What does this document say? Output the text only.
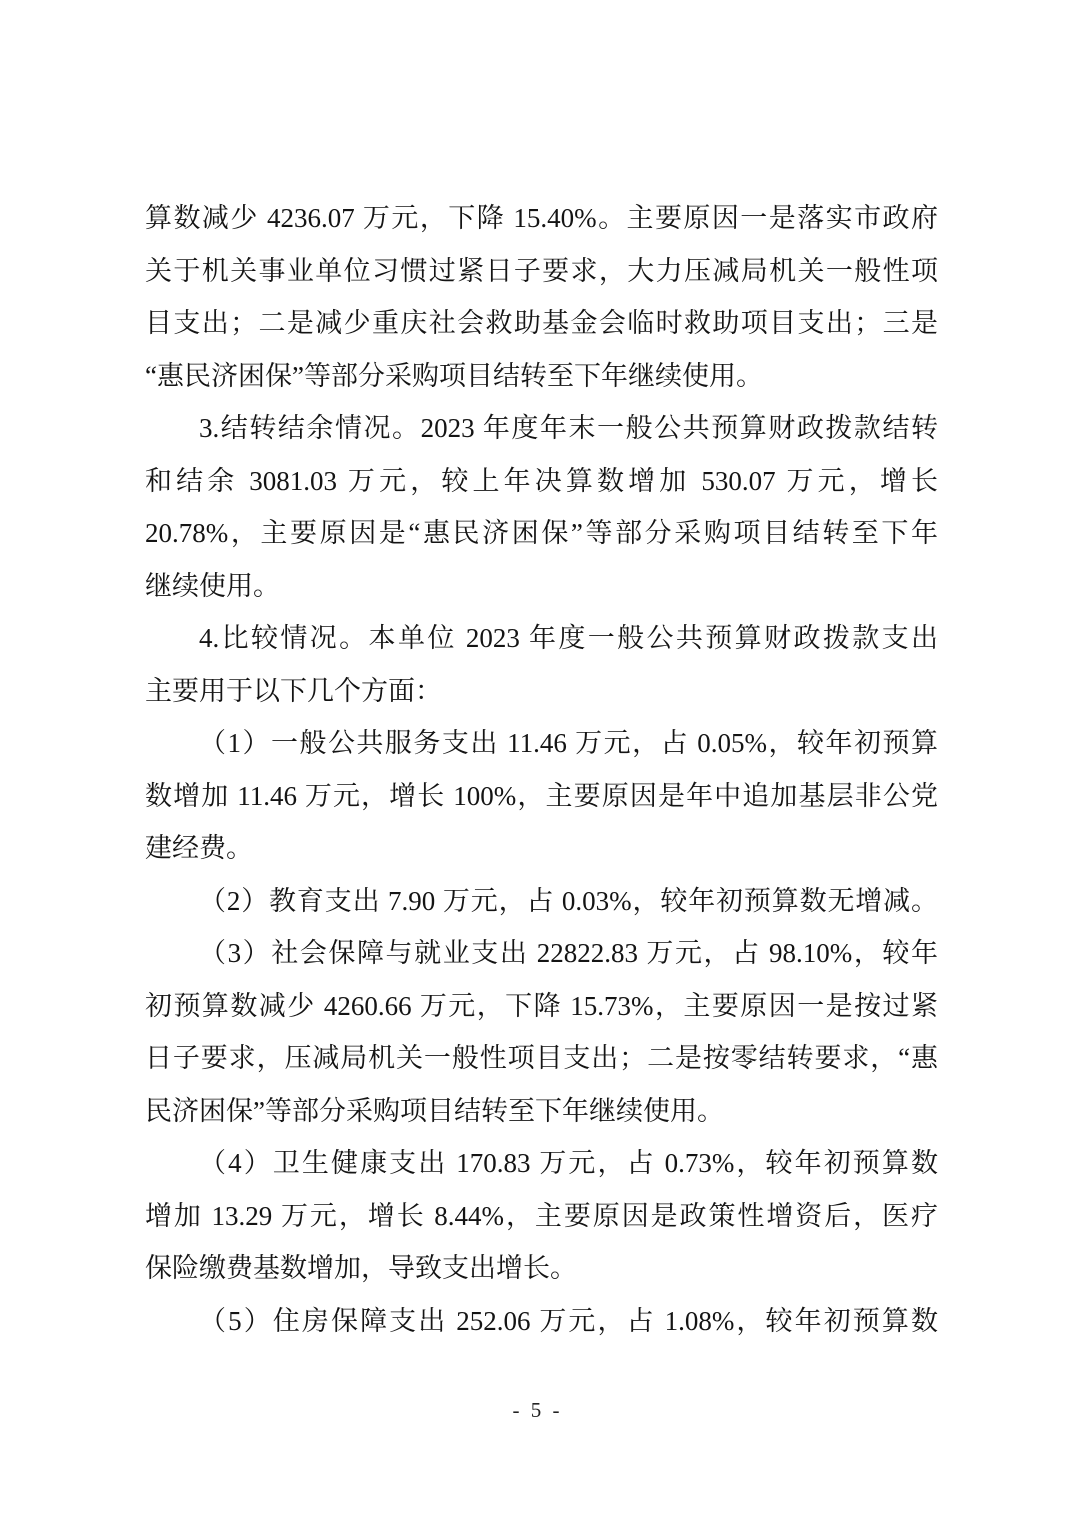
算数减少 4236.07 万元，下降 15.40%。主要原因一是落实市政府
关于机关事业单位习惯过紧日子要求，大力压减局机关一般性项
目支出；二是减少重庆社会救助基金会临时救助项目支出；三是
“惠民济困保”等部分采购项目结转至下年继续使用。
3.结转结余情况。2023 年度年末一般公共预算财政拨款结转
和结余 3081.03 万元，较上年决算数增加 530.07 万元，增长
20.78%，主要原因是“惠民济困保”等部分采购项目结转至下年
继续使用。
4.比较情况。本单位 2023 年度一般公共预算财政拨款支出
主要用于以下几个方面：
（1）一般公共服务支出 11.46 万元，占 0.05%，较年初预算
数增加 11.46 万元，增长 100%，主要原因是年中追加基层非公党
建经费。
（2）教育支出 7.90 万元，占 0.03%，较年初预算数无增减。
（3）社会保障与就业支出 22822.83 万元，占 98.10%，较年
初预算数减少 4260.66 万元，下降 15.73%，主要原因一是按过紧
日子要求，压减局机关一般性项目支出；二是按零结转要求，“惠
民济困保”等部分采购项目结转至下年继续使用。
（4）卫生健康支出 170.83 万元，占 0.73%，较年初预算数
增加 13.29 万元，增长 8.44%，主要原因是政策性增资后，医疗
保险缴费基数增加，导致支出增长。
（5）住房保障支出 252.06 万元，占 1.08%，较年初预算数
- 5 -
